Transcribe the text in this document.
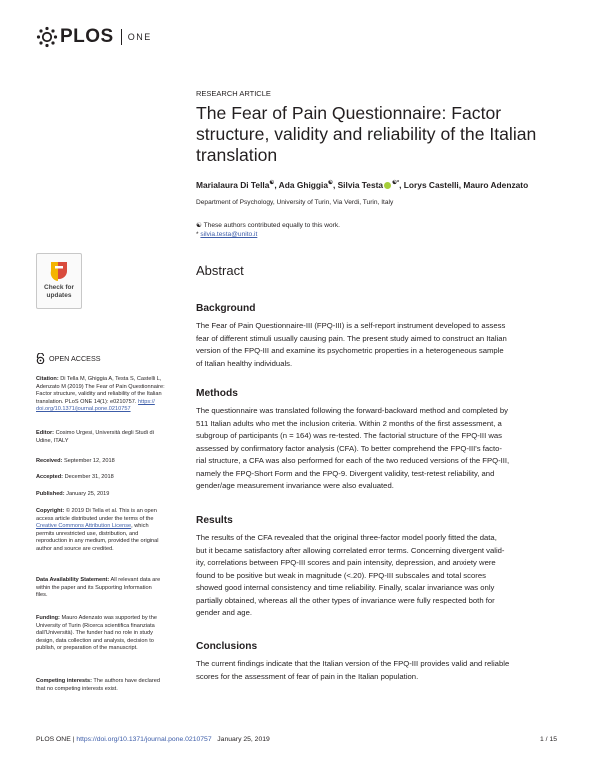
PLOS ONE
RESEARCH ARTICLE
The Fear of Pain Questionnaire: Factor
structure, validity and reliability of the Italian
translation
Marialaura Di Tella☯, Ada Ghiggia☯, Silvia Testa ☯*, Lorys Castelli, Mauro Adenzato
Department of Psychology, University of Turin, Via Verdi, Turin, Italy
☯ These authors contributed equally to this work.
* silvia.testa@unito.it
Check for
updates
OPEN ACCESS
Citation: Di Tella M, Ghiggia A, Testa S, Castelli L,
Adenzato M (2019) The Fear of Pain Questionnaire:
Factor structure, validity and reliability of the Italian
translation. PLoS ONE 14(1): e0210757. https://
doi.org/10.1371/journal.pone.0210757
Editor: Cosimo Urgesi, Università degli Studi di
Udine, ITALY
Received: September 12, 2018
Accepted: December 31, 2018
Published: January 25, 2019
Copyright: © 2019 Di Tella et al. This is an open
access article distributed under the terms of the
Creative Commons Attribution License, which
permits unrestricted use, distribution, and
reproduction in any medium, provided the original
author and source are credited.
Data Availability Statement: All relevant data are
within the paper and its Supporting Information
files.
Funding: Mauro Adenzato was supported by the
University of Turin (Ricerca scientifica finanziata
dall'Università). The funder had no role in study
design, data collection and analysis, decision to
publish, or preparation of the manuscript.
Competing interests: The authors have declared
that no competing interests exist.
Abstract
Background
The Fear of Pain Questionnaire-III (FPQ-III) is a self-report instrument developed to assess
fear of different stimuli usually causing pain. The present study aimed to construct an Italian
version of the FPQ-III and examine its psychometric properties in a heterogeneous sample
of Italian healthy individuals.
Methods
The questionnaire was translated following the forward-backward method and completed by
511 Italian adults who met the inclusion criteria. Within 2 months of the first assessment, a
subgroup of participants (n = 164) was re-tested. The factorial structure of the FPQ-III was
assessed by confirmatory factor analysis (CFA). To better comprehend the FPQ-III's facto-
rial structure, a CFA was also performed for each of the two reduced versions of the FPQ-III,
namely the FPQ-Short Form and the FPQ-9. Divergent validity, test-retest reliability, and
gender/age measurement invariance were also evaluated.
Results
The results of the CFA revealed that the original three-factor model poorly fitted the data,
but it became satisfactory after allowing correlated error terms. Concerning divergent valid-
ity, correlations between FPQ-III scores and pain intensity, depression, and anxiety were
found to be positive but weak in magnitude (<.20). FPQ-III subscales and total scores
showed good internal consistency and time reliability. Finally, scalar invariance was only
partially obtained, whereas all the other types of invariance were fully respected both for
gender and age.
Conclusions
The current findings indicate that the Italian version of the FPQ-III provides valid and reliable
scores for the assessment of fear of pain in the Italian population.
PLOS ONE | https://doi.org/10.1371/journal.pone.0210757 January 25, 2019	1 / 15
